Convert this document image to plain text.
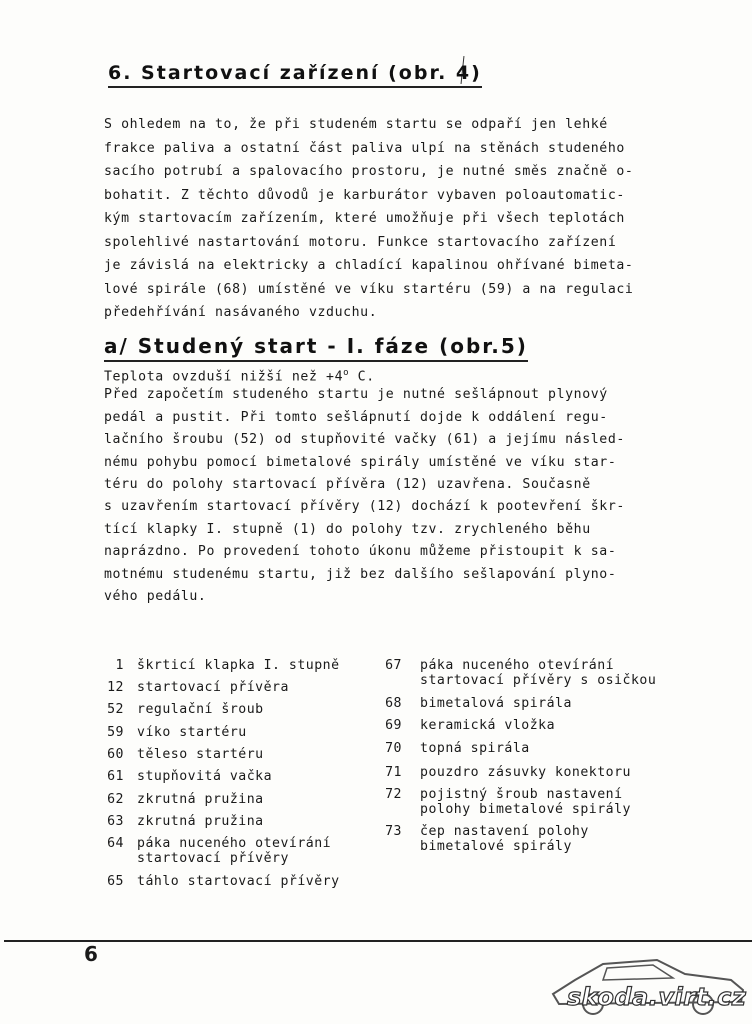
6. Startovací zařízení (obr. 4)
S ohledem na to, že při studeném startu se odpaří jen lehké
frakce paliva a ostatní část paliva ulpí na stěnách studeného
sacího potrubí a spalovacího prostoru, je nutné směs značně o-
bohatit. Z těchto důvodů je karburátor vybaven poloautomatic-
kým startovacím zařízením, které umožňuje při všech teplotách
spolehlivé nastartování motoru. Funkce startovacího zařízení
je závislá na elektricky a chladící kapalinou ohřívané bimeta-
lové spirále (68) umístěné ve víku startéru (59) a na regulaci
předehřívání nasávaného vzduchu.
a/ Studený start - I. fáze (obr.5)
Teplota ovzduší nižší než $+4^o$ C.
Před započetím studeného startu je nutné sešlápnout plynový
pedál a pustit. Při tomto sešlápnutí dojde k oddálení regu-
lačního šroubu (52) od stupňovité vačky (61) a jejímu násled-
nému pohybu pomocí bimetalové spirály umístěné ve víku star-
téru do polohy startovací přívěra (12) uzavřena. Současně
s uzavřením startovací přívěry (12) dochází k pootevření škr-
tící klapky I. stupně (1) do polohy tzv. zrychleného běhu
naprázdno. Po provedení tohoto úkonu můžeme přistoupit k sa-
motnému studenému startu, již bez dalšího sešlapování plyno-
vého pedálu.
1 škrticí klapka I. stupně
12 startovací přívěra
52 regulační šroub
59 víko startéru
60 těleso startéru
61 stupňovitá vačka
62 zkrutná pružina
63 zkrutná pružina
64 páka nuceného otevírání
startovací přívěry
65 táhlo startovací přívěry
67 páka nuceného otevírání
startovací přívěry s osičkou
68 bimetalová spirála
69 keramická vložka
70 topná spirála
71 pouzdro zásuvky konektoru
72 pojistný šroub nastavení
polohy bimetalové spirály
73 čep nastavení polohy
bimetalové spirály
6
skoda.virt.cz
